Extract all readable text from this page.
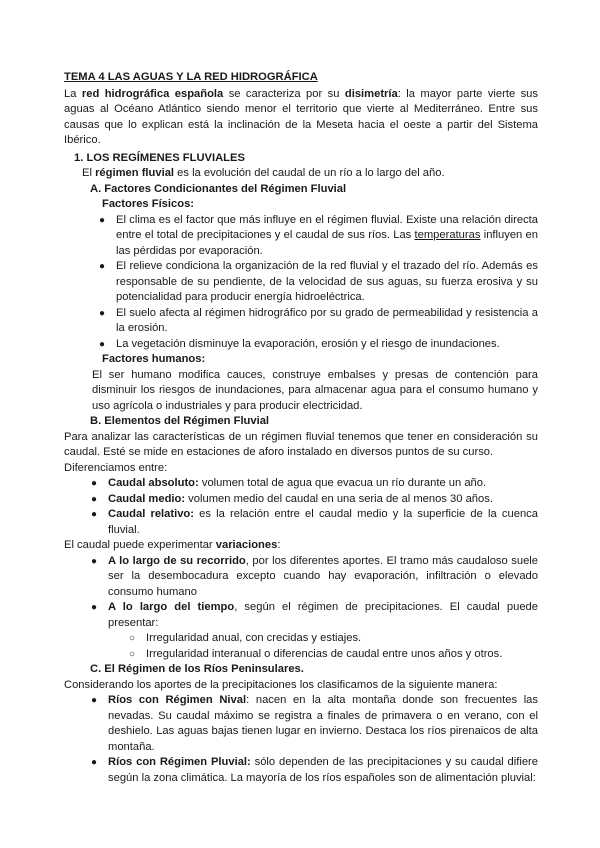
TEMA 4 LAS AGUAS Y LA RED HIDROGRÁFICA

La red hidrográfica española se caracteriza por su disimetría: la mayor parte vierte sus aguas al Océano Atlántico siendo menor el territorio que vierte al Mediterráneo. Entre sus causas que lo explican está la inclinación de la Meseta hacia el oeste a partir del Sistema Ibérico.

1. LOS REGÍMENES FLUVIALES

El régimen fluvial es la evolución del caudal de un río a lo largo del año.

A. Factores Condicionantes del Régimen Fluvial

Factores Físicos:

● El clima es el factor que más influye en el régimen fluvial. Existe una relación directa entre el total de precipitaciones y el caudal de sus ríos. Las temperaturas influyen en las pérdidas por evaporación.
● El relieve condiciona la organización de la red fluvial y el trazado del río. Además es responsable de su pendiente, de la velocidad de sus aguas, su fuerza erosiva y su potencialidad para producir energía hidroeléctrica.
● El suelo afecta al régimen hidrográfico por su grado de permeabilidad y resistencia a la erosión.
● La vegetación disminuye la evaporación, erosión y el riesgo de inundaciones.

Factores humanos:

El ser humano modifica cauces, construye embalses y presas de contención para disminuir los riesgos de inundaciones, para almacenar agua para el consumo humano y uso agrícola o industriales y para producir electricidad.

B. Elementos del Régimen Fluvial

Para analizar las características de un régimen fluvial tenemos que tener en consideración su caudal. Esté se mide en estaciones de aforo instalado en diversos puntos de su curso.

Diferenciamos entre:

● Caudal absoluto: volumen total de agua que evacua un río durante un año.
● Caudal medio: volumen medio del caudal en una seria de al menos 30 años.
● Caudal relativo: es la relación entre el caudal medio y la superficie de la cuenca fluvial.

El caudal puede experimentar variaciones:

● A lo largo de su recorrido, por los diferentes aportes. El tramo más caudaloso suele ser la desembocadura excepto cuando hay evaporación, infiltración o elevado consumo humano
● A lo largo del tiempo, según el régimen de precipitaciones. El caudal puede presentar:
○ Irregularidad anual, con crecidas y estiajes.
○ Irregularidad interanual o diferencias de caudal entre unos años y otros.

C. El Régimen de los Ríos Peninsulares.

Considerando los aportes de la precipitaciones los clasificamos de la siguiente manera:

● Ríos con Régimen Nival: nacen en la alta montaña donde son frecuentes las nevadas. Su caudal máximo se registra a finales de primavera o en verano, con el deshielo. Las aguas bajas tienen lugar en invierno. Destaca los ríos pirenaicos de alta montaña.
● Ríos con Régimen Pluvial: sólo dependen de las precipitaciones y su caudal difiere según la zona climática. La mayoría de los ríos españoles son de alimentación pluvial:
